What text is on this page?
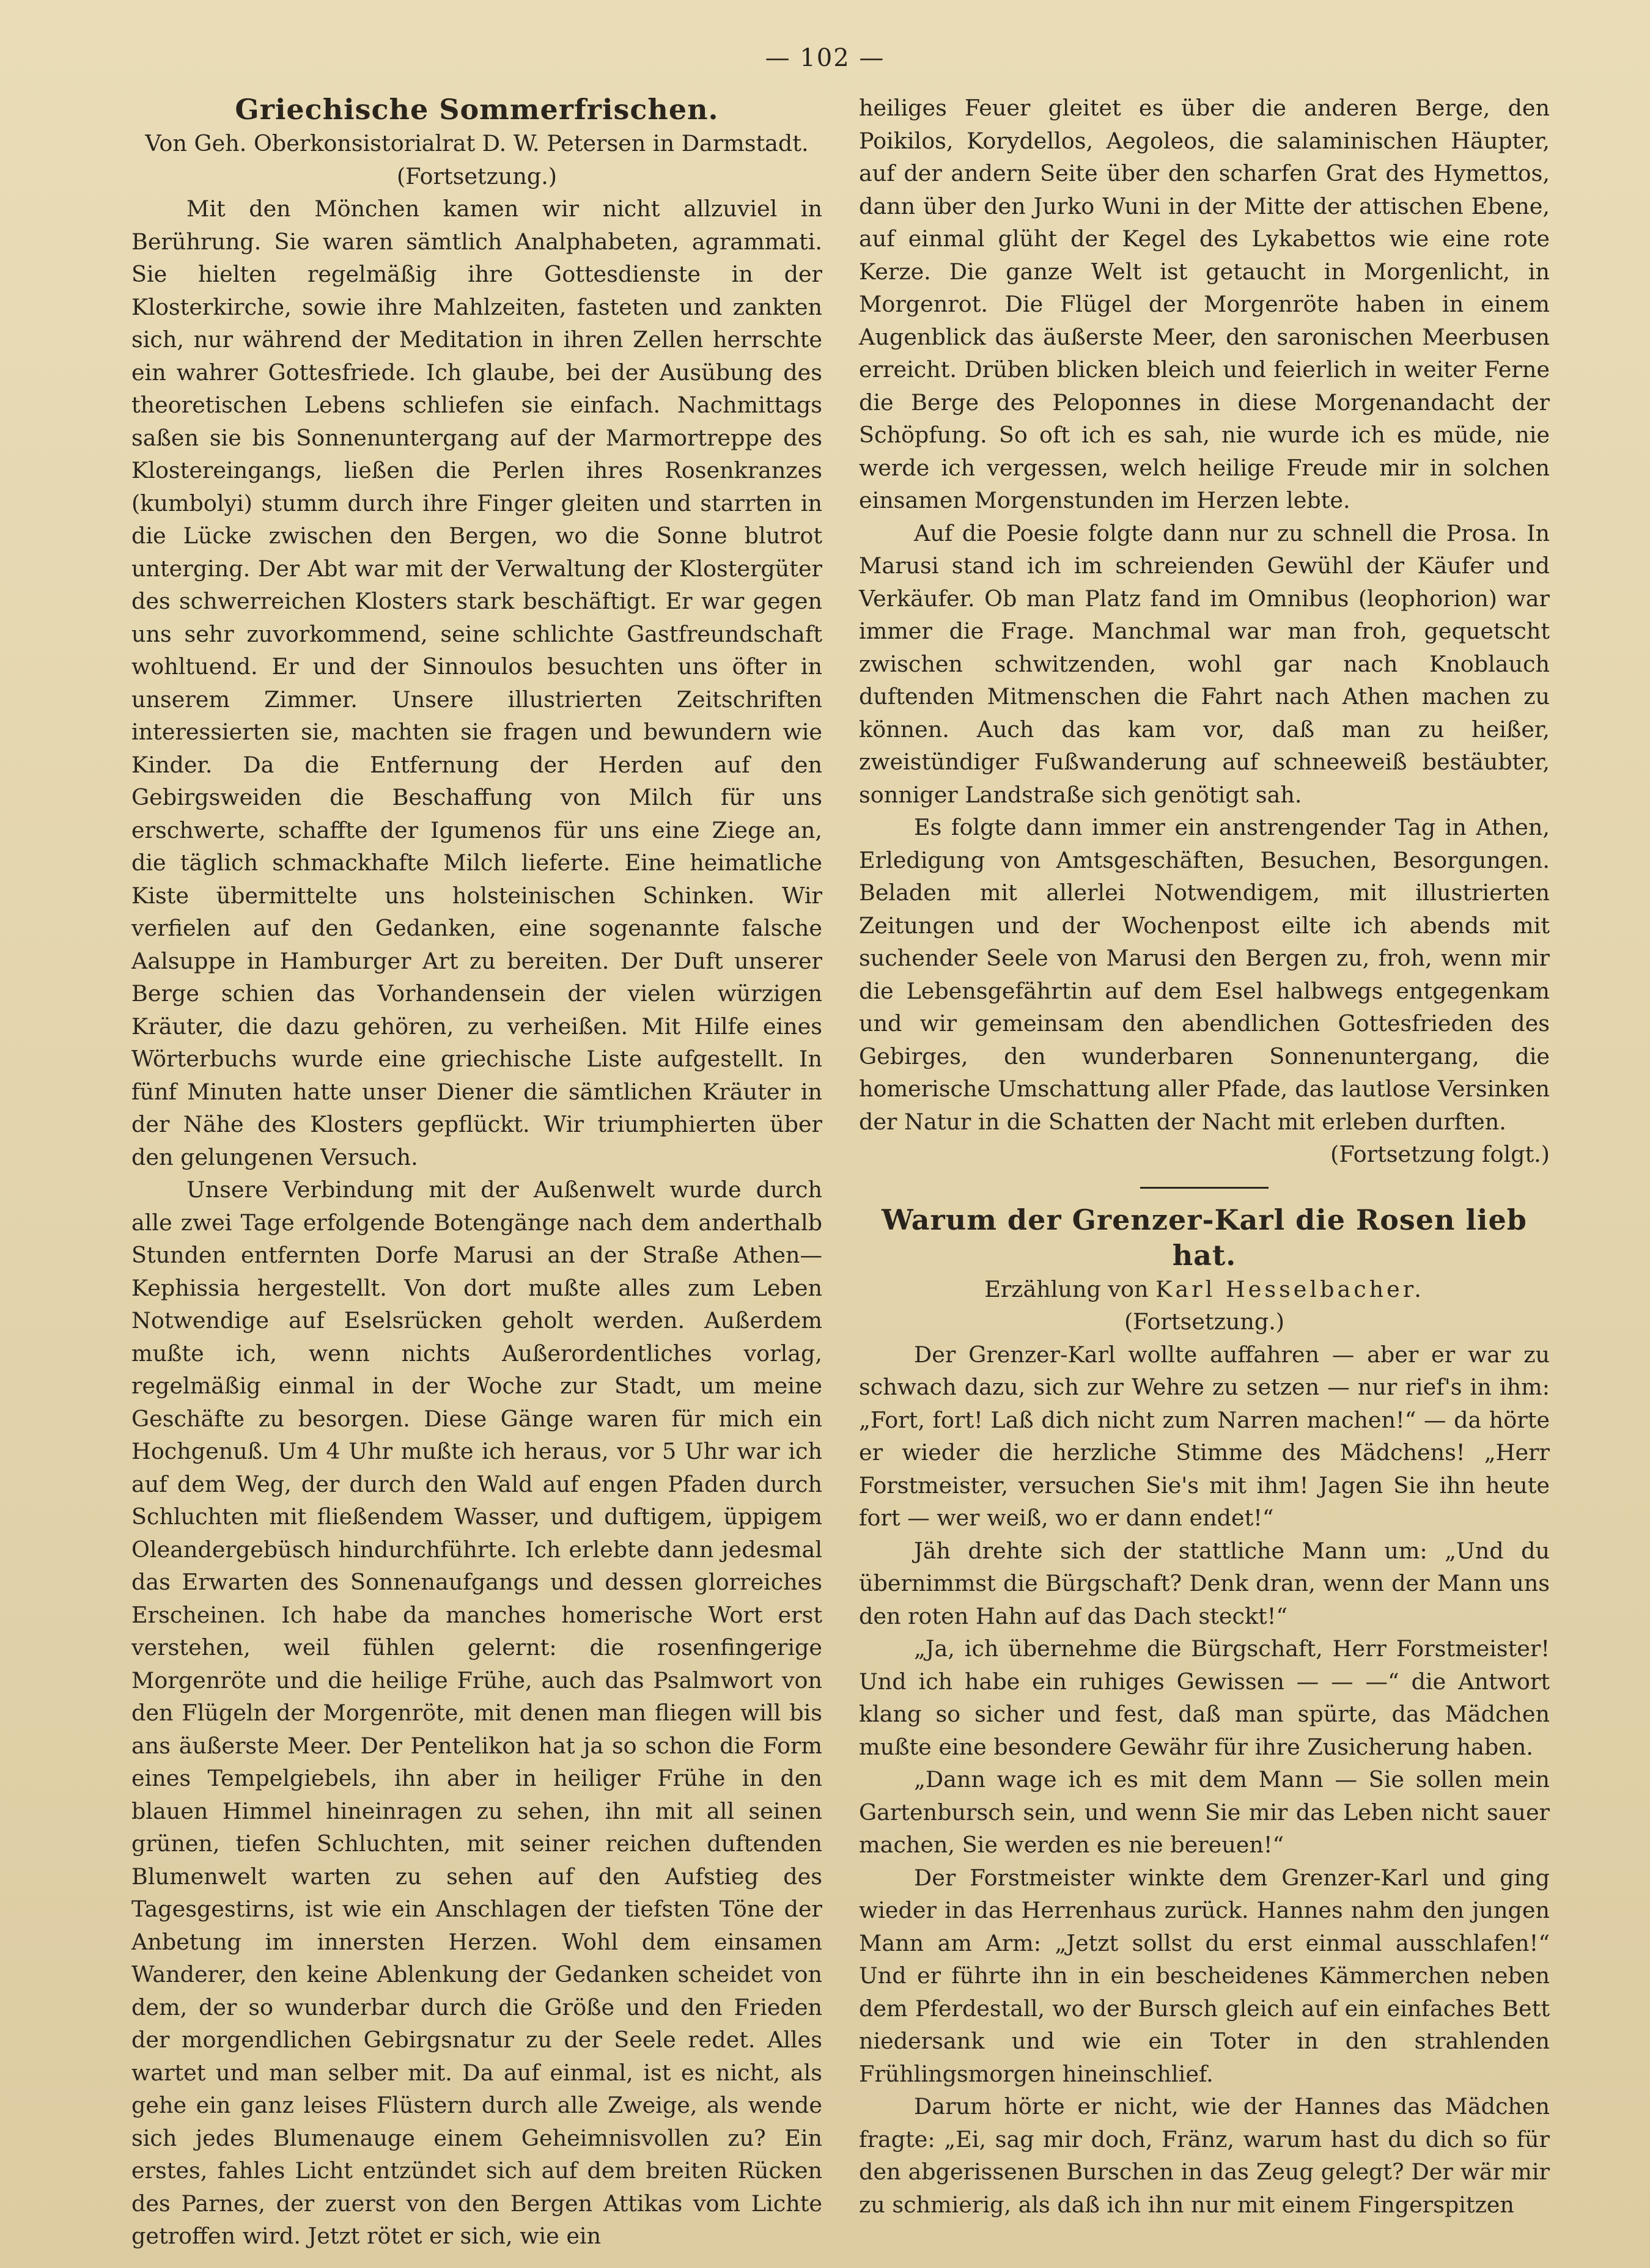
— 102 —
Griechische Sommerfrischen.
Von Geh. Oberkonsistorialrat D. W. Petersen in Darmstadt.
(Fortsetzung.)

Mit den Mönchen kamen wir nicht allzuviel in Berührung. Sie waren sämtlich Analphabeten, agrammati. Sie hielten regelmäßig ihre Gottesdienste in der Klosterkirche, sowie ihre Mahlzeiten, fasteten und zankten sich, nur während der Meditation in ihren Zellen herrschte ein wahrer Gottesfriede. Ich glaube, bei der Ausübung des theoretischen Lebens schliefen sie einfach. Nachmittags saßen sie bis Sonnenuntergang auf der Marmortreppe des Klostereingangs, ließen die Perlen ihres Rosenkranzes (kumbolyi) stumm durch ihre Finger gleiten und starrten in die Lücke zwischen den Bergen, wo die Sonne blutrot unterging. Der Abt war mit der Verwaltung der Klostergüter des schwerreichen Klosters stark beschäftigt. Er war gegen uns sehr zuvorkommend, seine schlichte Gastfreundschaft wohltuend. Er und der Sinnoulos besuchten uns öfter in unserem Zimmer. Unsere illustrierten Zeitschriften interessierten sie, machten sie fragen und bewundern wie Kinder. Da die Entfernung der Herden auf den Gebirgsweiden die Beschaffung von Milch für uns erschwerte, schaffte der Igumenos für uns eine Ziege an, die täglich schmackhafte Milch lieferte. Eine heimatliche Kiste übermittelte uns holsteinischen Schinken. Wir verfielen auf den Gedanken, eine sogenannte falsche Aalsuppe in Hamburger Art zu bereiten. Der Duft unserer Berge schien das Vorhandensein der vielen würzigen Kräuter, die dazu gehören, zu verheißen. Mit Hilfe eines Wörterbuchs wurde eine griechische Liste aufgestellt. In fünf Minuten hatte unser Diener die sämtlichen Kräuter in der Nähe des Klosters gepflückt. Wir triumphierten über den gelungenen Versuch.

Unsere Verbindung mit der Außenwelt wurde durch alle zwei Tage erfolgende Botengänge nach dem anderthalb Stunden entfernten Dorfe Marusi an der Straße Athen—Kephissia hergestellt. Von dort mußte alles zum Leben Notwendige auf Eselsrücken geholt werden. Außerdem mußte ich, wenn nichts Außerordentliches vorlag, regelmäßig einmal in der Woche zur Stadt, um meine Geschäfte zu besorgen. Diese Gänge waren für mich ein Hochgenuß. Um 4 Uhr mußte ich heraus, vor 5 Uhr war ich auf dem Weg, der durch den Wald auf engen Pfaden durch Schluchten mit fließendem Wasser, und duftigem, üppigem Oleandergebüsch hindurchführte. Ich erlebte dann jedesmal das Erwarten des Sonnenaufgangs und dessen glorreiches Erscheinen. Ich habe da manches homerische Wort erst verstehen, weil fühlen gelernt: die rosenfingerige Morgenröte und die heilige Frühe, auch das Psalmwort von den Flügeln der Morgenröte, mit denen man fliegen will bis ans äußerste Meer. Der Pentelikon hat ja so schon die Form eines Tempelgiebels, ihn aber in heiliger Frühe in den blauen Himmel hineinragen zu sehen, ihn mit all seinen grünen, tiefen Schluchten, mit seiner reichen duftenden Blumenwelt warten zu sehen auf den Aufstieg des Tagesgestirns, ist wie ein Anschlagen der tiefsten Töne der Anbetung im innersten Herzen. Wohl dem einsamen Wanderer, den keine Ablenkung der Gedanken scheidet von dem, der so wunderbar durch die Größe und den Frieden der morgendlichen Gebirgsnatur zu der Seele redet. Alles wartet und man selber mit. Da auf einmal, ist es nicht, als gehe ein ganz leises Flüstern durch alle Zweige, als wende sich jedes Blumenauge einem Geheimnisvollen zu? Ein erstes, fahles Licht entzündet sich auf dem breiten Rücken des Parnes, der zuerst von den Bergen Attikas vom Lichte getroffen wird. Jetzt rötet er sich, wie ein

heiliges Feuer gleitet es über die anderen Berge, den Poikilos, Korydellos, Aegoleos, die salaminischen Häupter, auf der andern Seite über den scharfen Grat des Hymettos, dann über den Jurko Wuni in der Mitte der attischen Ebene, auf einmal glüht der Kegel des Lykabettos wie eine rote Kerze. Die ganze Welt ist getaucht in Morgenlicht, in Morgenrot. Die Flügel der Morgenröte haben in einem Augenblick das äußerste Meer, den saronischen Meerbusen erreicht. Drüben blicken bleich und feierlich in weiter Ferne die Berge des Peloponnes in diese Morgenandacht der Schöpfung. So oft ich es sah, nie wurde ich es müde, nie werde ich vergessen, welch heilige Freude mir in solchen einsamen Morgenstunden im Herzen lebte.

Auf die Poesie folgte dann nur zu schnell die Prosa. In Marusi stand ich im schreienden Gewühl der Käufer und Verkäufer. Ob man Platz fand im Omnibus (leophorion) war immer die Frage. Manchmal war man froh, gequetscht zwischen schwitzenden, wohl gar nach Knoblauch duftenden Mitmenschen die Fahrt nach Athen machen zu können. Auch das kam vor, daß man zu heißer, zweistündiger Fußwanderung auf schneeweiß bestäubter, sonniger Landstraße sich genötigt sah.

Es folgte dann immer ein anstrengender Tag in Athen, Erledigung von Amtsgeschäften, Besuchen, Besorgungen. Beladen mit allerlei Notwendigem, mit illustrierten Zeitungen und der Wochenpost eilte ich abends mit suchender Seele von Marusi den Bergen zu, froh, wenn mir die Lebensgefährtin auf dem Esel halbwegs entgegenkam und wir gemeinsam den abendlichen Gottesfrieden des Gebirges, den wunderbaren Sonnenuntergang, die homerische Umschattung aller Pfade, das lautlose Versinken der Natur in die Schatten der Nacht mit erleben durften.

(Fortsetzung folgt.)
Warum der Grenzer-Karl die Rosen lieb hat.
Erzählung von Karl Hesselbacher.
(Fortsetzung.)

Der Grenzer-Karl wollte auffahren — aber er war zu schwach dazu, sich zur Wehre zu setzen — nur rief's in ihm: „Fort, fort! Laß dich nicht zum Narren machen!“ — da hörte er wieder die herzliche Stimme des Mädchens! „Herr Forstmeister, versuchen Sie's mit ihm! Jagen Sie ihn heute fort — wer weiß, wo er dann endet!“

Jäh drehte sich der stattliche Mann um: „Und du übernimmst die Bürgschaft? Denk dran, wenn der Mann uns den roten Hahn auf das Dach steckt!“

„Ja, ich übernehme die Bürgschaft, Herr Forstmeister! Und ich habe ein ruhiges Gewissen — — —“ die Antwort klang so sicher und fest, daß man spürte, das Mädchen mußte eine besondere Gewähr für ihre Zusicherung haben.

„Dann wage ich es mit dem Mann — Sie sollen mein Gartenbursch sein, und wenn Sie mir das Leben nicht sauer machen, Sie werden es nie bereuen!“

Der Forstmeister winkte dem Grenzer-Karl und ging wieder in das Herrenhaus zurück. Hannes nahm den jungen Mann am Arm: „Jetzt sollst du erst einmal ausschlafen!“ Und er führte ihn in ein bescheidenes Kämmerchen neben dem Pferdestall, wo der Bursch gleich auf ein einfaches Bett niedersank und wie ein Toter in den strahlenden Frühlingsmorgen hineinschlief.

Darum hörte er nicht, wie der Hannes das Mädchen fragte: „Ei, sag mir doch, Fränz, warum hast du dich so für den abgerissenen Burschen in das Zeug gelegt? Der wär mir zu schmierig, als daß ich ihn nur mit einem Fingerspitzen
